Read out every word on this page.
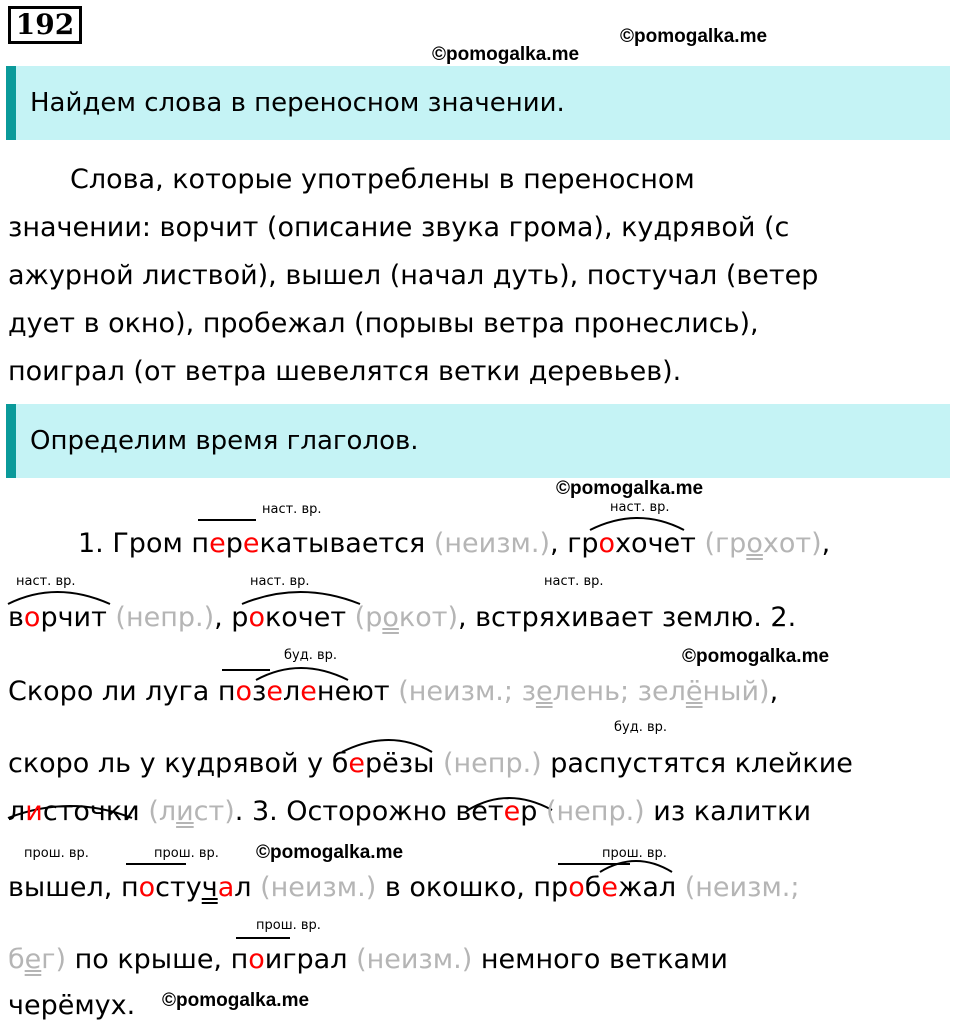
192	©pomogalka.me
©pomogalka.me
Найдем слова в переносном значении.
Слова, которые употреблены в переносном
значении: ворчит (описание звука грома), кудрявой (с
ажурной листвой), вышел (начал дуть), постучал (ветер
дует в окно), пробежал (порывы ветра пронеслись),
поиграл (от ветра шевелятся ветки деревьев).
Определим время глаголов.
©pomogalka.me
©pomogalka.me
©pomogalka.me
©pomogalka.me
наст. вр.	наст. вр.
наст. вр.	наст. вр.	наст. вр.
буд. вр.
буд. вр.
прош. вр.	прош. вр.	прош. вр.
прош. вр.
1. Гром перекатывается (неизм.), грохочет (грохот),
ворчит (непр.), рокочет (рокот), встряхивает землю. 2.
Скоро ли луга позеленеют (неизм.; зелень; зелёный),
скоро ль у кудрявой у берёзы (непр.) распустятся клейкие
листочки (лист). 3. Осторожно ветер (непр.) из калитки
вышел, постучал (неизм.) в окошко, пробежал (неизм.;
бег) по крыше, поиграл (неизм.) немного ветками
черёмух.
